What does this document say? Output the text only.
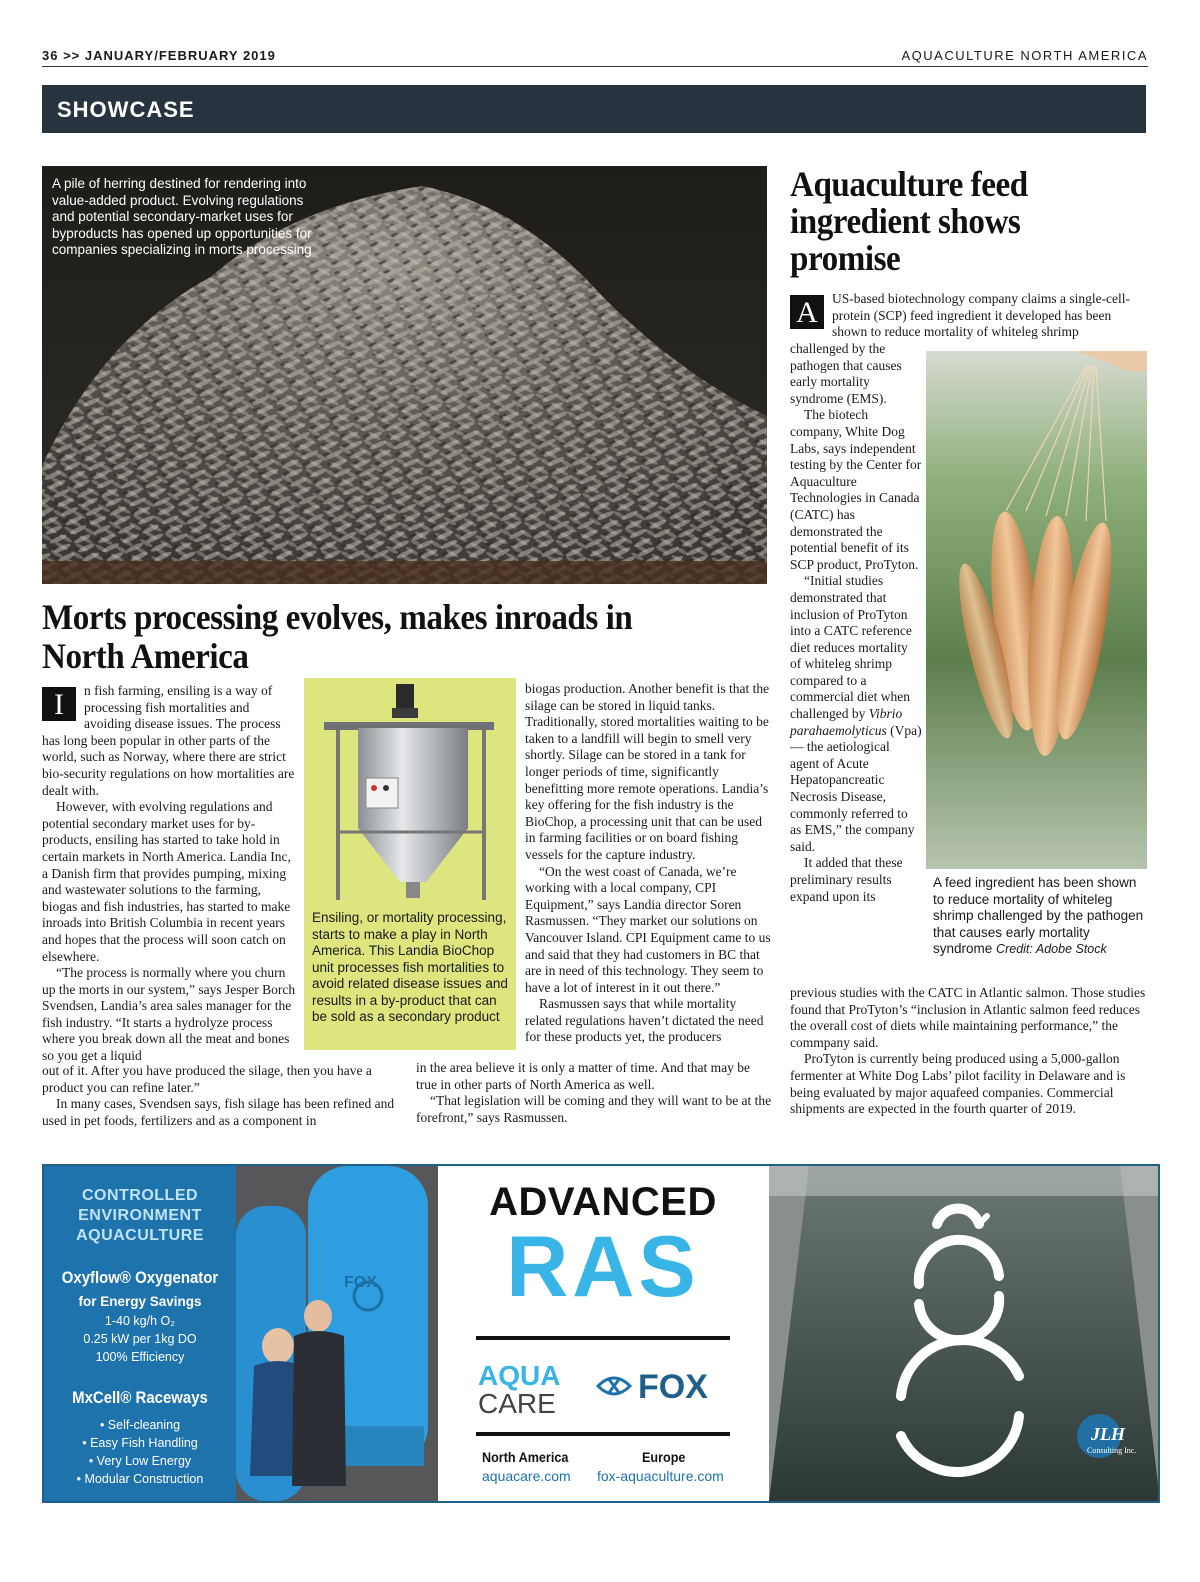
36 >> JANUARY/FEBRUARY 2019	AQUACULTURE NORTH AMERICA
SHOWCASE
A pile of herring destined for rendering into value-added product. Evolving regulations and potential secondary-market uses for byproducts has opened up opportunities for companies specializing in morts processing
Morts processing evolves, makes inroads in North America

I	n fish farming, ensiling is a way of processing fish mortalities and avoiding disease issues. The process has long been popular in other parts of the world, such as Norway, where there are strict bio-security regulations on how mortalities are dealt with.

However, with evolving regulations and potential secondary market uses for by-products, ensiling has started to take hold in certain markets in North America. Landia Inc, a Danish firm that provides pumping, mixing and wastewater solutions to the farming, biogas and fish industries, has started to make inroads into British Columbia in recent years and hopes that the process will soon catch on elsewhere.

“The process is normally where you churn up the morts in our system,” says Jesper Borch Svendsen, Landia’s area sales manager for the fish industry. “It starts a hydrolyze process where you break down all the meat and bones so you get a liquid

out of it. After you have produced the silage, then you have a product you can refine later.”

In many cases, Svendsen says, fish silage has been refined and used in pet foods, fertilizers and as a component in

Ensiling, or mortality processing, starts to make a play in North America. This Landia BioChop unit processes fish mortalities to avoid related disease issues and results in a by-product that can be sold as a secondary product

biogas production. Another benefit is that the silage can be stored in liquid tanks. Traditionally, stored mortalities waiting to be taken to a landfill will begin to smell very shortly. Silage can be stored in a tank for longer periods of time, significantly benefitting more remote operations. Landia’s key offering for the fish industry is the BioChop, a processing unit that can be used in farming facilities or on board fishing vessels for the capture industry.

“On the west coast of Canada, we’re working with a local company, CPI Equipment,” says Landia director Soren Rasmussen. “They market our solutions on Vancouver Island. CPI Equipment came to us and said that they had customers in BC that are in need of this technology. They seem to have a lot of interest in it out there.”

Rasmussen says that while mortality related regulations haven’t dictated the need for these products yet, the producers

in the area believe it is only a matter of time. And that may be true in other parts of North America as well.

“That legislation will be coming and they will want to be at the forefront,” says Rasmussen.

Aquaculture feed ingredient shows promise

A	US-based biotechnology company claims a single-cell-protein (SCP) feed ingredient it developed has been shown to reduce mortality of whiteleg shrimp

challenged by the pathogen that causes early mortality syndrome (EMS).

The biotech company, White Dog Labs, says independent testing by the Center for Aquaculture Technologies in Canada (CATC) has demonstrated the potential benefit of its SCP product, ProTyton.

“Initial studies demonstrated that inclusion of ProTyton into a CATC reference diet reduces mortality of whiteleg shrimp compared to a commercial diet when challenged by Vibrio parahaemolyticus (Vpa) — the aetiological agent of Acute Hepatopancreatic Necrosis Disease, commonly referred to as EMS,” the company said.

It added that these preliminary results expand upon its

previous studies with the CATC in Atlantic salmon. Those studies found that ProTyton’s “inclusion in Atlantic salmon feed reduces the overall cost of diets while maintaining performance,” the commpany said.

ProTyton is currently being produced using a 5,000-gallon fermenter at White Dog Labs’ pilot facility in Delaware and is being evaluated by major aquafeed companies. Commercial shipments are expected in the fourth quarter of 2019.

A feed ingredient has been shown to reduce mortality of whiteleg shrimp challenged by the pathogen that causes early mortality syndrome Credit: Adobe Stock
CONTROLLED ENVIRONMENT AQUACULTURE
Oxyflow® Oxygenator
for Energy Savings
1-40 kg/h O₂
0.25 kW per 1kg DO
100% Efficiency
MxCell® Raceways
• Self-cleaning
• Easy Fish Handling
• Very Low Energy
• Modular Construction
FOX
ADVANCED
RAS
AQUA
CARE FOX
North America
aquacare.com
Europe
fox-aquaculture.com
JLH
Consulting Inc.
